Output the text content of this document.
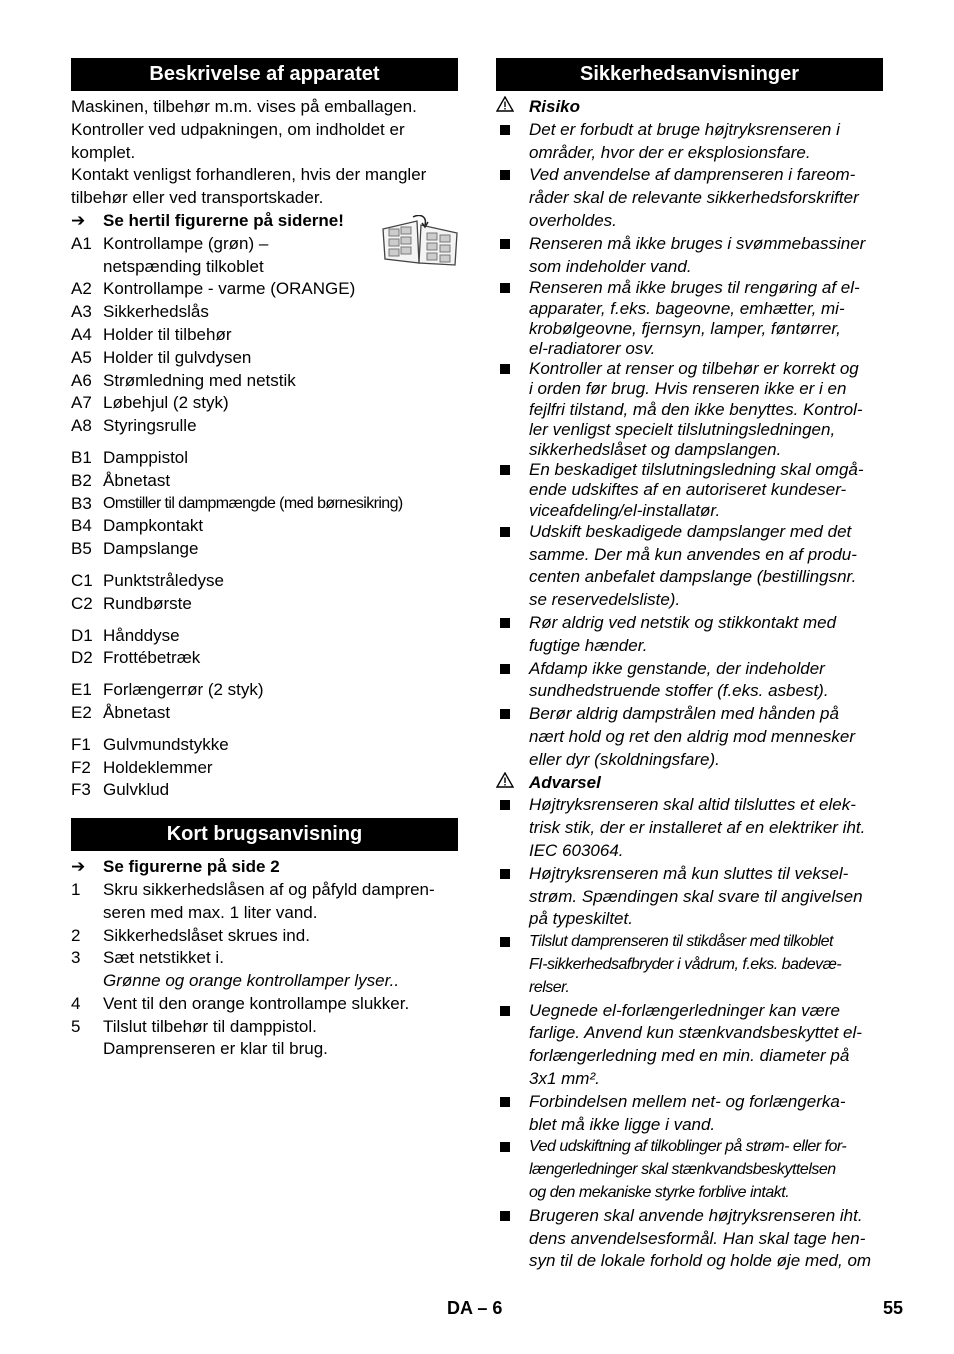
Beskrivelse af apparatet

Maskinen, tilbehør m.m. vises på emballagen.

Kontroller ved udpakningen, om indholdet er

komplet.

Kontakt venligst forhandleren, hvis der mangler

tilbehør eller ved transportskader.

➔	Se hertil figurerne på siderne!
A1 Kontrollampe (grøn) –
netspænding tilkoblet
A2 Kontrollampe - varme (ORANGE)
A3 Sikkerhedslås
A4 Holder til tilbehør
A5 Holder til gulvdysen
A6 Strømledning med netstik
A7 Løbehjul (2 styk)
A8 Styringsrulle
B1 Damppistol
B2 Åbnetast
B3 Omstiller til dampmængde (med børnesikring)
B4 Dampkontakt
B5 Dampslange
C1 Punktstråledyse
C2 Rundbørste
D1 Hånddyse
D2 Frottébetræk
E1 Forlængerrør (2 styk)
E2 Åbnetast
F1 Gulvmundstykke
F2 Holdeklemmer
F3 Gulvklud
Kort brugsanvisning
➔	Se figurerne på side 2
1	Skru sikkerhedslåsen af og påfyld dampren-
seren med max. 1 liter vand.
2	Sikkerhedslåset skrues ind.
3	Sæt netstikket i.
Grønne og orange kontrollamper lyser..
4	Vent til den orange kontrollampe slukker.
5	Tilslut tilbehør til damppistol.
Damprenseren er klar til brug.
Sikkerhedsanvisninger
Risiko
Det er forbudt at bruge højtryksrenseren i
områder, hvor der er eksplosionsfare.
Ved anvendelse af damprenseren i fareom-
råder skal de relevante sikkerhedsforskrifter
overholdes.
Renseren må ikke bruges i svømmebassiner
som indeholder vand.
Renseren må ikke bruges til rengøring af el-
apparater, f.eks. bageovne, emhætter, mi-
krobølgeovne, fjernsyn, lamper, føntørrer,
el-radiatorer osv.
Kontroller at renser og tilbehør er korrekt og
i orden før brug. Hvis renseren ikke er i en
fejlfri tilstand, må den ikke benyttes. Kontrol-
ler venligst specielt tilslutningsledningen,
sikkerhedslåset og dampslangen.
En beskadiget tilslutningsledning skal omgå-
ende udskiftes af en autoriseret kundeser-
viceafdeling/el-installatør.
Udskift beskadigede dampslanger med det
samme. Der må kun anvendes en af produ-
centen anbefalet dampslange (bestillingsnr.
se reservedelsliste).
Rør aldrig ved netstik og stikkontakt med
fugtige hænder.
Afdamp ikke genstande, der indeholder
sundhedstruende stoffer (f.eks. asbest).
Berør aldrig dampstrålen med hånden på
nært hold og ret den aldrig mod mennesker
eller dyr (skoldningsfare).
Advarsel
Højtryksrenseren skal altid tilsluttes et elek-
trisk stik, der er installeret af en elektriker iht.
IEC 603064.
Højtryksrenseren må kun sluttes til veksel-
strøm. Spændingen skal svare til angivelsen
på typeskiltet.
Tilslut damprenseren til stikdåser med tilkoblet
FI-sikkerhedsafbryder i vådrum, f.eks. badevæ-
relser.
Uegnede el-forlængerledninger kan være
farlige. Anvend kun stænkvandsbeskyttet el-
forlængerledning med en min. diameter på
3x1 mm².
Forbindelsen mellem net- og forlængerka-
blet må ikke ligge i vand.
Ved udskiftning af tilkoblinger på strøm- eller for-
længerledninger skal stænkvandsbeskyttelsen
og den mekaniske styrke forblive intakt.
Brugeren skal anvende højtryksrenseren iht.
dens anvendelsesformål. Han skal tage hen-
syn til de lokale forhold og holde øje med, om
DA – 6	55
